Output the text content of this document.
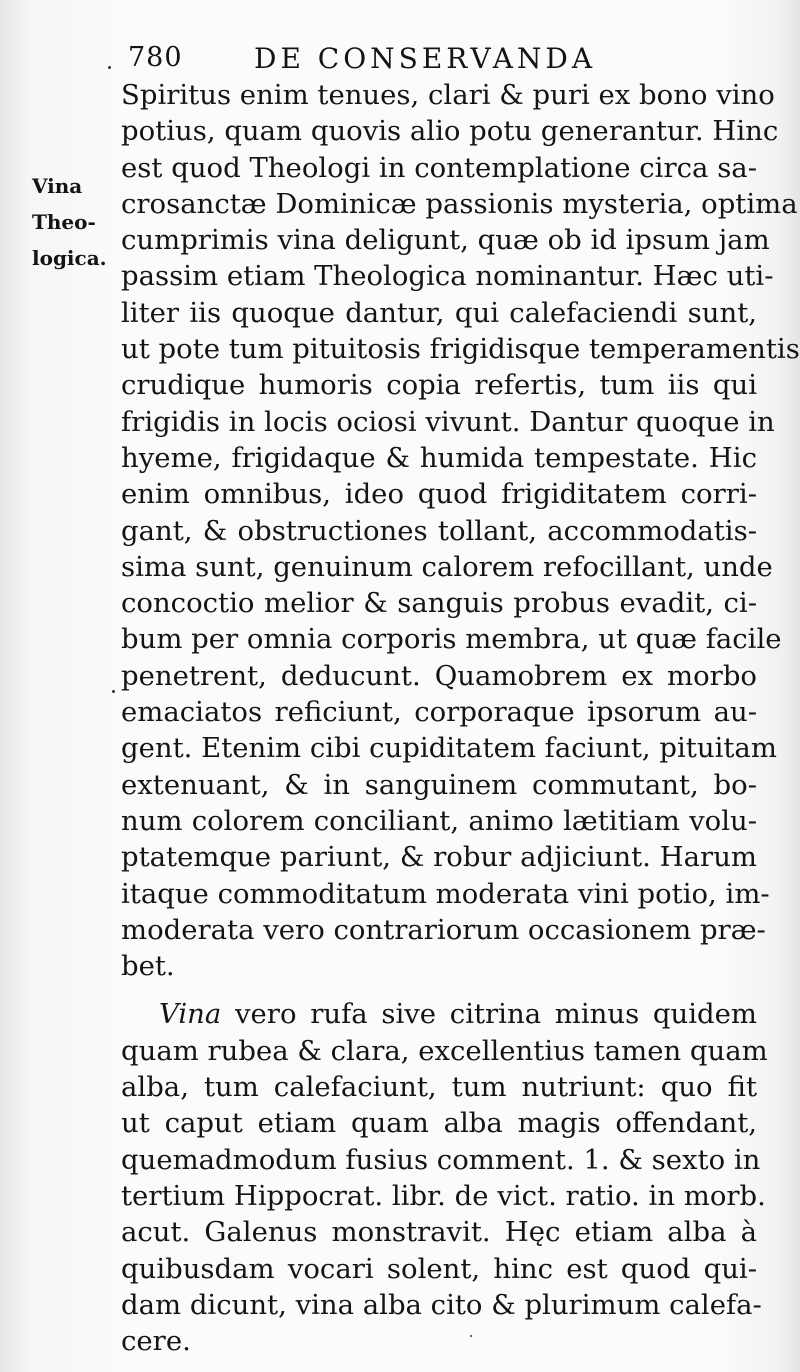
780	DE CONSERVANDA
Vina
Theo-
logica.
Spiritus enim tenues, clari & puri ex bono vino
potius, quam quovis alio potu generantur. Hinc
est quod Theologi in contemplatione circa sa-
crosanctæ Dominicæ passionis mysteria, optima
cumprimis vina deligunt, quæ ob id ipsum jam
passim etiam Theologica nominantur. Hæc uti-
liter iis quoque dantur, qui calefaciendi sunt,
ut pote tum pituitosis frigidisque temperamentis
crudique humoris copia refertis, tum iis qui
frigidis in locis ociosi vivunt. Dantur quoque in
hyeme, frigidaque & humida tempestate. Hic
enim omnibus, ideo quod frigiditatem corri-
gant, & obstructiones tollant, accommodatis-
sima sunt, genuinum calorem refocillant, unde
concoctio melior & sanguis probus evadit, ci-
bum per omnia corporis membra, ut quæ facile
penetrent, deducunt. Quamobrem ex morbo
emaciatos reficiunt, corporaque ipsorum au-
gent. Etenim cibi cupiditatem faciunt, pituitam
extenuant, & in sanguinem commutant, bo-
num colorem conciliant, animo lætitiam volu-
ptatemque pariunt, & robur adjiciunt. Harum
itaque commoditatum moderata vini potio, im-
moderata vero contrariorum occasionem præ-
bet.
Vina vero rufa sive citrina minus quidem
quam rubea & clara, excellentius tamen quam
alba, tum calefaciunt, tum nutriunt: quo fit
ut caput etiam quam alba magis offendant,
quemadmodum fusius comment. 1. & sexto in
tertium Hippocrat. libr. de vict. ratio. in morb.
acut. Galenus monstravit. Hęc etiam alba à
quibusdam vocari solent, hinc est quod qui-
dam dicunt, vina alba cito & plurimum calefa-
cere.
